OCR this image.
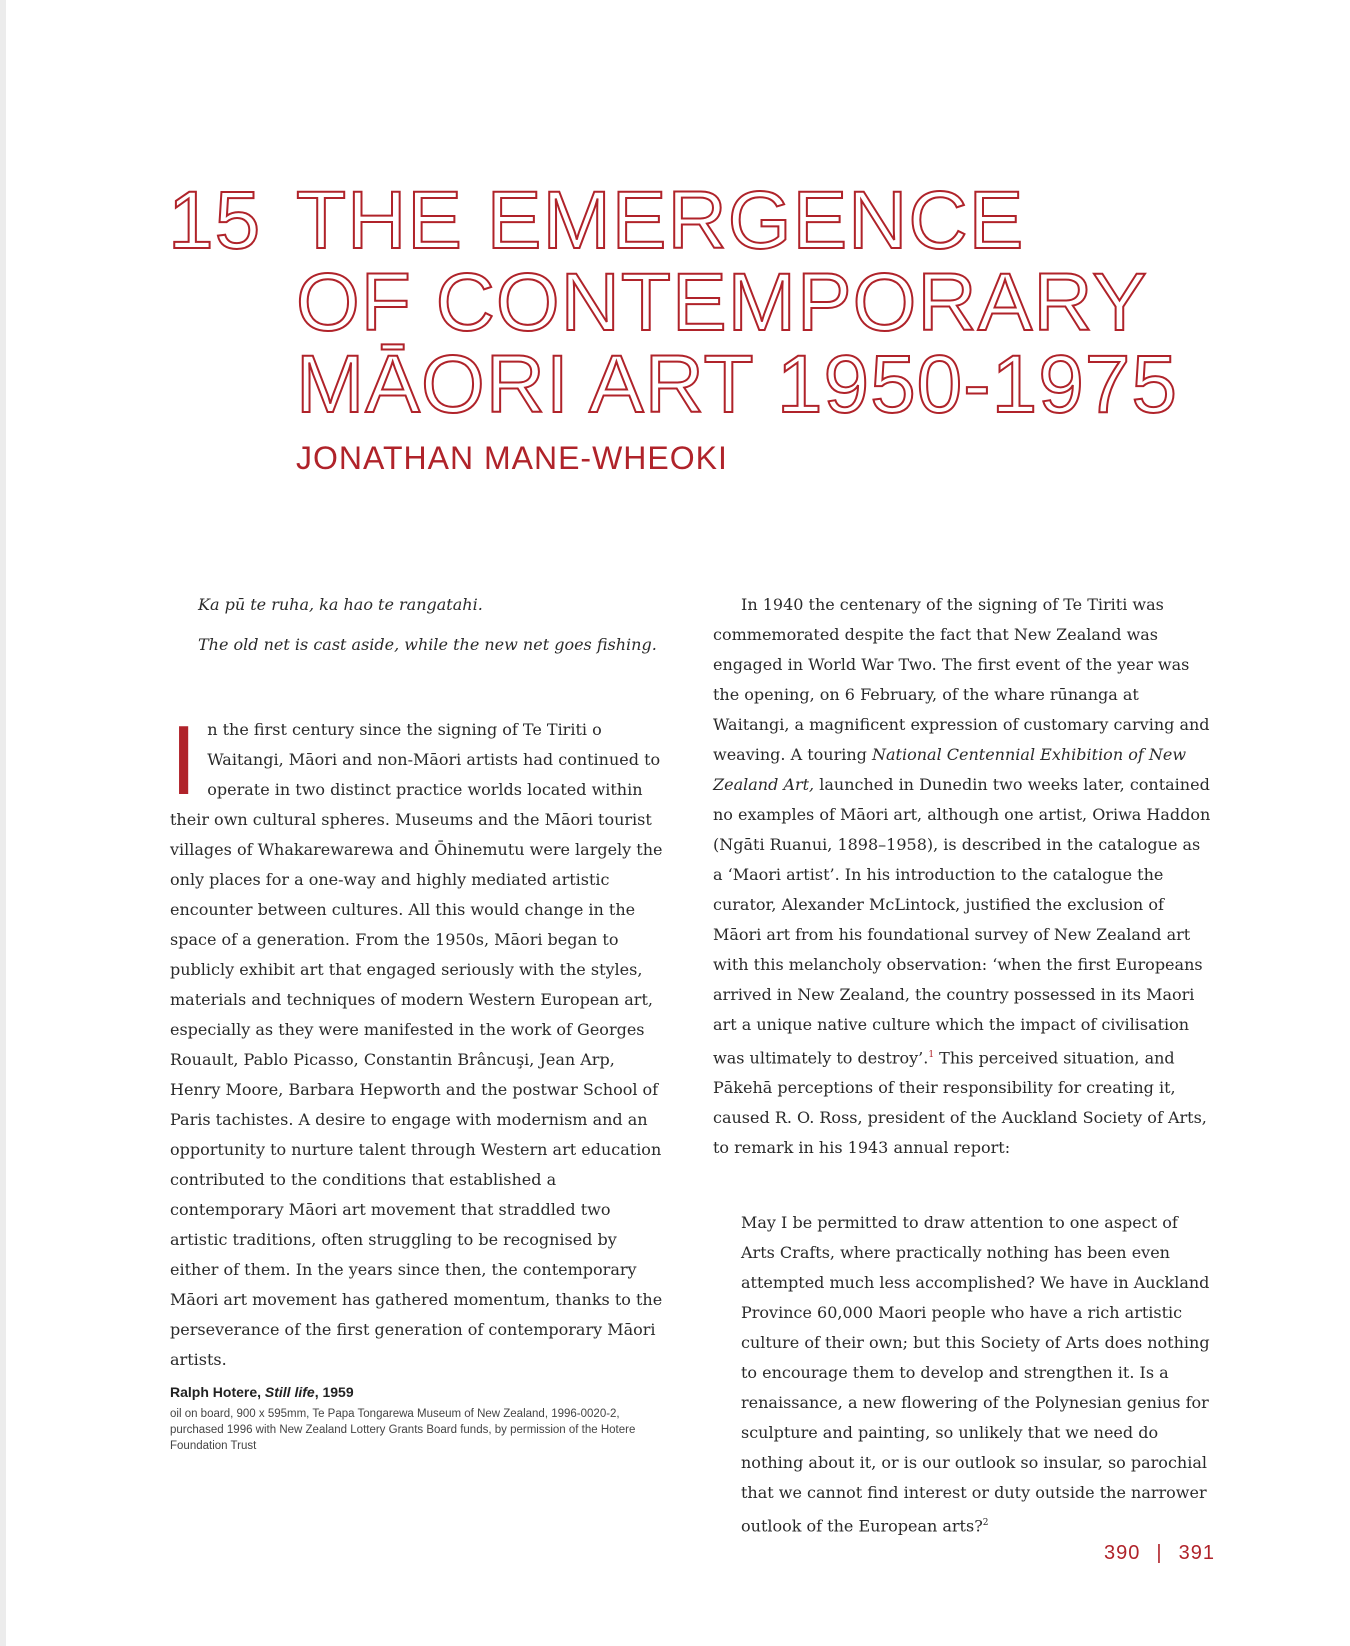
15 THE EMERGENCE
OF CONTEMPORARY
MĀORI ART 1950-1975
JONATHAN MANE-WHEOKI

Ka pū te ruha, ka hao te rangatahi.

The old net is cast aside, while the new net goes fishing.

In the first century since the signing of Te Tiriti o Waitangi, Māori and non-Māori artists had continued to operate in two distinct practice worlds located within their own cultural spheres. Museums and the Māori tourist villages of Whakarewarewa and Ōhinemutu were largely the only places for a one-way and highly mediated artistic encounter between cultures. All this would change in the space of a generation. From the 1950s, Māori began to publicly exhibit art that engaged seriously with the styles, materials and techniques of modern Western European art, especially as they were manifested in the work of Georges Rouault, Pablo Picasso, Constantin Brâncuşi, Jean Arp, Henry Moore, Barbara Hepworth and the postwar School of Paris tachistes. A desire to engage with modernism and an opportunity to nurture talent through Western art education contributed to the conditions that established a contemporary Māori art movement that straddled two artistic traditions, often struggling to be recognised by either of them. In the years since then, the contemporary Māori art movement has gathered momentum, thanks to the perseverance of the first generation of contemporary Māori artists.

In 1940 the centenary of the signing of Te Tiriti was commemorated despite the fact that New Zealand was engaged in World War Two. The first event of the year was the opening, on 6 February, of the whare rūnanga at Waitangi, a magnificent expression of customary carving and weaving. A touring National Centennial Exhibition of New Zealand Art, launched in Dunedin two weeks later, contained no examples of Māori art, although one artist, Oriwa Haddon (Ngāti Ruanui, 1898–1958), is described in the catalogue as a ‘Maori artist’. In his introduction to the catalogue the curator, Alexander McLintock, justified the exclusion of Māori art from his foundational survey of New Zealand art with this melancholy observation: ‘when the first Europeans arrived in New Zealand, the country possessed in its Maori art a unique native culture which the impact of civilisation was ultimately to destroy’.$^1$ This perceived situation, and Pākehā perceptions of their responsibility for creating it, caused R. O. Ross, president of the Auckland Society of Arts, to remark in his 1943 annual report:

May I be permitted to draw attention to one aspect of Arts Crafts, where practically nothing has been even attempted much less accomplished? We have in Auckland Province 60,000 Maori people who have a rich artistic culture of their own; but this Society of Arts does nothing to encourage them to develop and strengthen it. Is a renaissance, a new flowering of the Polynesian genius for sculpture and painting, so unlikely that we need do nothing about it, or is our outlook so insular, so parochial that we cannot find interest or duty outside the narrower outlook of the European arts?$^2$

Ralph Hotere, Still life, 1959

oil on board, 900 x 595mm, Te Papa Tongarewa Museum of New Zealand, 1996-0020-2, purchased 1996 with New Zealand Lottery Grants Board funds, by permission of the Hotere Foundation Trust

390 | 391
